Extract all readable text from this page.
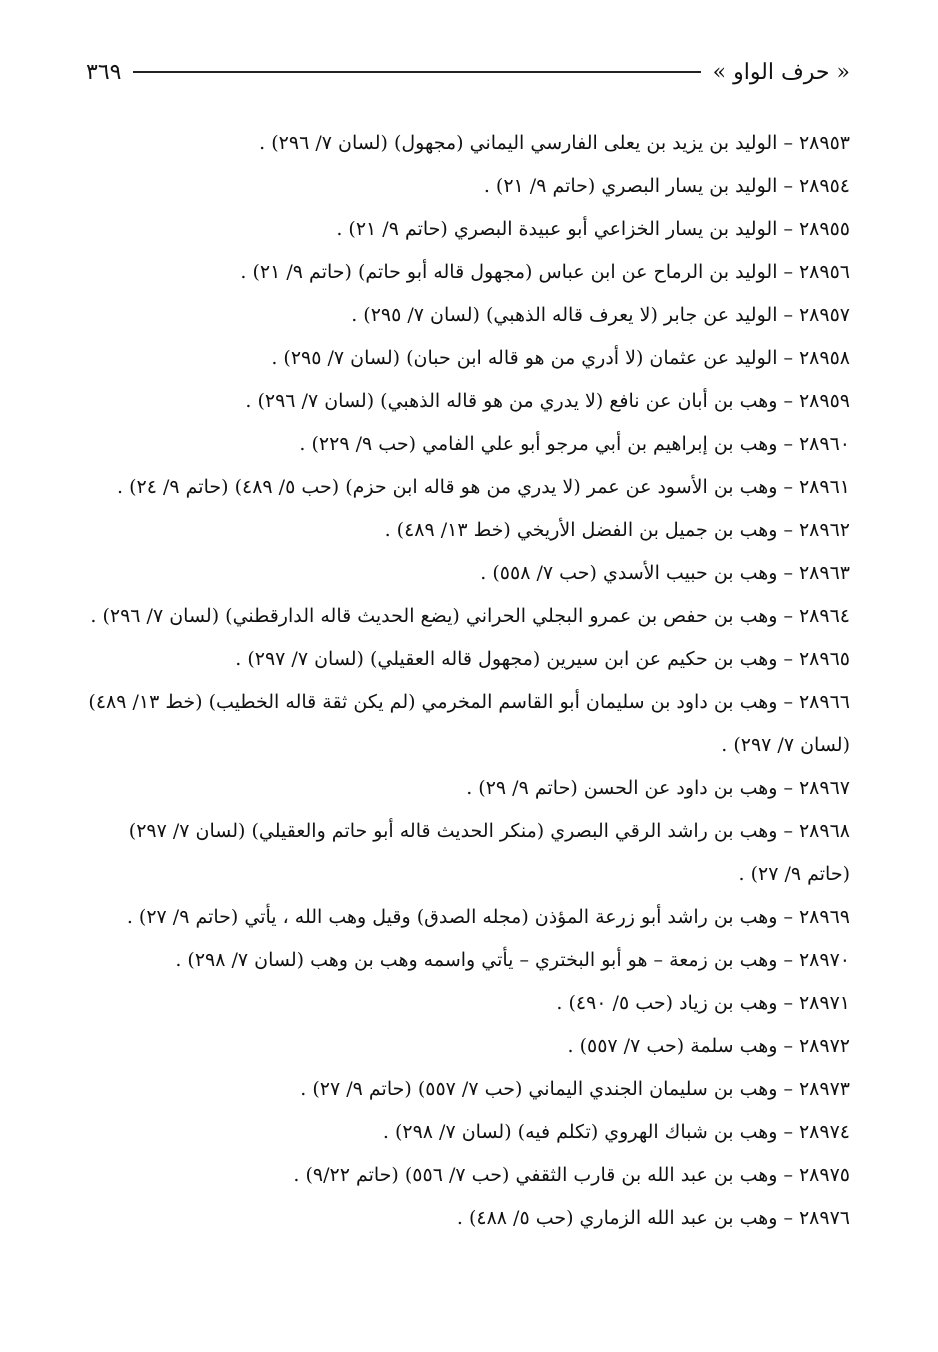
« حرف الواو »
٣٦٩
٢٨٩٥٣–الوليد بن يزيد بن يعلى الفارسي اليماني (مجهول) (لسان ٧/ ٢٩٦) .
٢٨٩٥٤–الوليد بن يسار البصري (حاتم ٩/ ٢١) .
٢٨٩٥٥–الوليد بن يسار الخزاعي أبو عبيدة البصري (حاتم ٩/ ٢١) .
٢٨٩٥٦–الوليد بن الرماح عن ابن عباس (مجهول قاله أبو حاتم) (حاتم ٩/ ٢١) .
٢٨٩٥٧–الوليد عن جابر (لا يعرف قاله الذهبي) (لسان ٧/ ٢٩٥) .
٢٨٩٥٨–الوليد عن عثمان (لا أدري من هو قاله ابن حبان) (لسان ٧/ ٢٩٥) .
٢٨٩٥٩–وهب بن أبان عن نافع (لا يدري من هو قاله الذهبي) (لسان ٧/ ٢٩٦) .
٢٨٩٦٠–وهب بن إبراهيم بن أبي مرجو أبو علي الفامي (حب ٩/ ٢٢٩) .
٢٨٩٦١–وهب بن الأسود عن عمر (لا يدري من هو قاله ابن حزم) (حب ٥/ ٤٨٩) (حاتم ٩/ ٢٤) .
٢٨٩٦٢–وهب بن جميل بن الفضل الأريخي (خط ١٣/ ٤٨٩) .
٢٨٩٦٣–وهب بن حبيب الأسدي (حب ٧/ ٥٥٨) .
٢٨٩٦٤–وهب بن حفص بن عمرو البجلي الحراني (يضع الحديث قاله الدارقطني) (لسان ٧/ ٢٩٦) .
٢٨٩٦٥–وهب بن حكيم عن ابن سيرين (مجهول قاله العقيلي) (لسان ٧/ ٢٩٧) .
٢٨٩٦٦–وهب بن داود بن سليمان أبو القاسم المخرمي (لم يكن ثقة قاله الخطيب) (خط ١٣/ ٤٨٩) (لسان ٧/ ٢٩٧) .
٢٨٩٦٧–وهب بن داود عن الحسن (حاتم ٩/ ٢٩) .
٢٨٩٦٨–وهب بن راشد الرقي البصري (منكر الحديث قاله أبو حاتم والعقيلي) (لسان ٧/ ٢٩٧) (حاتم ٩/ ٢٧) .
٢٨٩٦٩–وهب بن راشد أبو زرعة المؤذن (مجله الصدق) وقيل وهب الله ، يأتي (حاتم ٩/ ٢٧) .
٢٨٩٧٠–وهب بن زمعة – هو أبو البختري – يأتي واسمه وهب بن وهب (لسان ٧/ ٢٩٨) .
٢٨٩٧١–وهب بن زياد (حب ٥/ ٤٩٠) .
٢٨٩٧٢–وهب سلمة (حب ٧/ ٥٥٧) .
٢٨٩٧٣–وهب بن سليمان الجندي اليماني (حب ٧/ ٥٥٧) (حاتم ٩/ ٢٧) .
٢٨٩٧٤–وهب بن شباك الهروي (تكلم فيه) (لسان ٧/ ٢٩٨) .
٢٨٩٧٥–وهب بن عبد الله بن قارب الثقفي (حب ٧/ ٥٥٦) (حاتم ٩/٢٢) .
٢٨٩٧٦–وهب بن عبد الله الزماري (حب ٥/ ٤٨٨) .
